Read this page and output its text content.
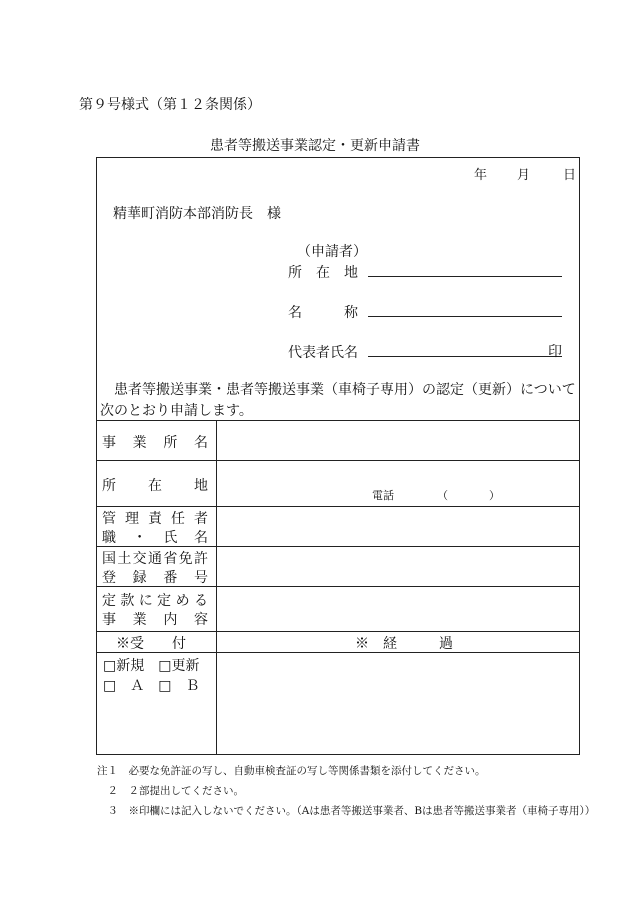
第９号様式（第１２条関係）
患者等搬送事業認定・更新申請書
年 月	日
精華町消防本部消防長　様
（申請者）
所　在　地
名　　　称
代表者氏名	印
患者等搬送事業・患者等搬送事業（車椅子専用）の認定（更新）について次のとおり申請します。
事 業 所 名
所 在 地
電話	（	）
管 理 責 任 者
職 ・ 氏 名
国 土 交 通 省 免 許
登 録 番 号
定 款 に 定 め る
事 業 内 容
※受　　付	※　経　　　過
□新規　□更新
□　Ａ　□　Ｂ
注１　必要な免許証の写し、自動車検査証の写し等関係書類を添付してください。
　２　２部提出してください。
　３　※印欄には記入しないでください。（Aは患者等搬送事業者、Bは患者等搬送事業者（車椅子専用））
